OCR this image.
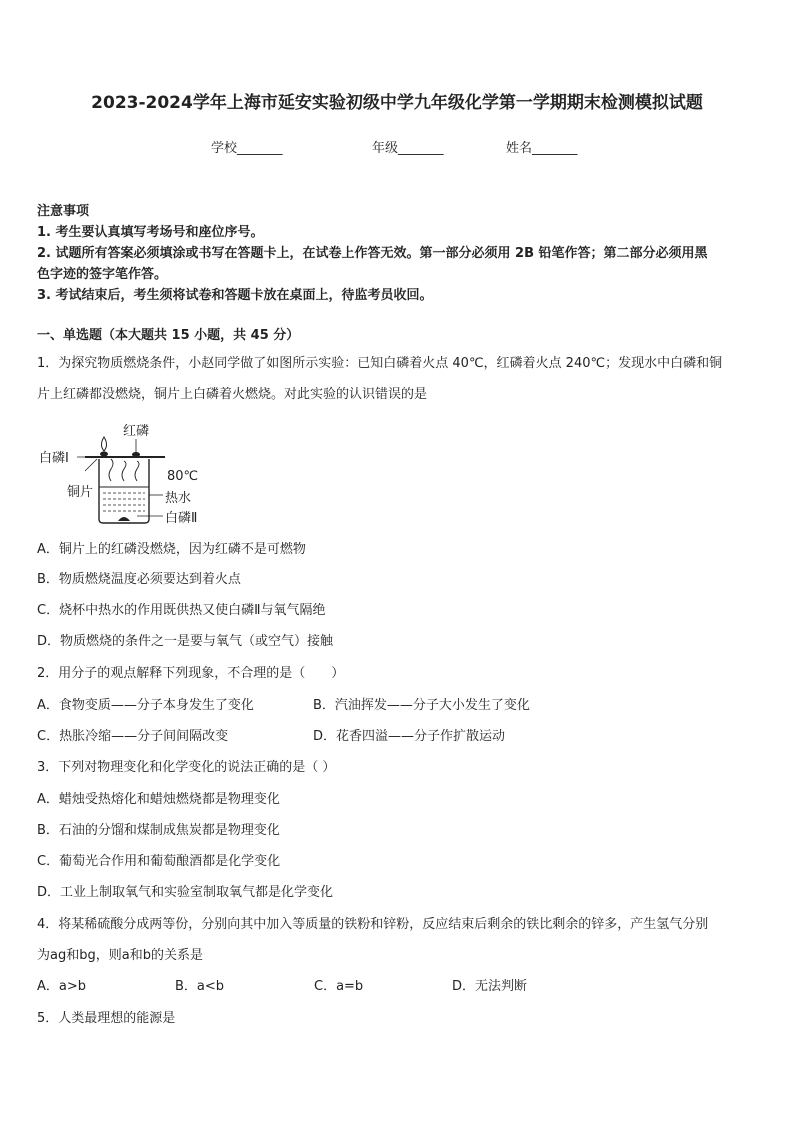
2023-2024学年上海市延安实验初级中学九年级化学第一学期期末检测模拟试题
学校_______	年级_______	姓名_______
注意事项
1. 考生要认真填写考场号和座位序号。
2. 试题所有答案必须填涂或书写在答题卡上，在试卷上作答无效。第一部分必须用 2B 铅笔作答；第二部分必须用黑
色字迹的签字笔作答。
3. 考试结束后，考生须将试卷和答题卡放在桌面上，待监考员收回。
一、单选题（本大题共 15 小题，共 45 分）
1．为探究物质燃烧条件，小赵同学做了如图所示实验：已知白磷着火点 40℃，红磷着火点 240℃；发现水中白磷和铜
片上红磷都没燃烧，铜片上白磷着火燃烧。对此实验的认识错误的是
红磷
白磷Ⅰ
铜片
80℃
热水
白磷Ⅱ
A．铜片上的红磷没燃烧，因为红磷不是可燃物
B．物质燃烧温度必须要达到着火点
C．烧杯中热水的作用既供热又使白磷Ⅱ与氧气隔绝
D．物质燃烧的条件之一是要与氧气（或空气）接触
2．用分子的观点解释下列现象，不合理的是（　　）
A．食物变质——分子本身发生了变化	B．汽油挥发——分子大小发生了变化
C．热胀冷缩——分子间间隔改变	D．花香四溢——分子作扩散运动
3．下列对物理变化和化学变化的说法正确的是（ ）
A．蜡烛受热熔化和蜡烛燃烧都是物理变化
B．石油的分馏和煤制成焦炭都是物理变化
C．葡萄光合作用和葡萄酿酒都是化学变化
D．工业上制取氧气和实验室制取氧气都是化学变化
4．将某稀硫酸分成两等份，分别向其中加入等质量的铁粉和锌粉，反应结束后剩余的铁比剩余的锌多，产生氢气分别
为ag和bg，则a和b的关系是
A．a>b	B．a<b	C．a=b	D．无法判断
5．人类最理想的能源是
